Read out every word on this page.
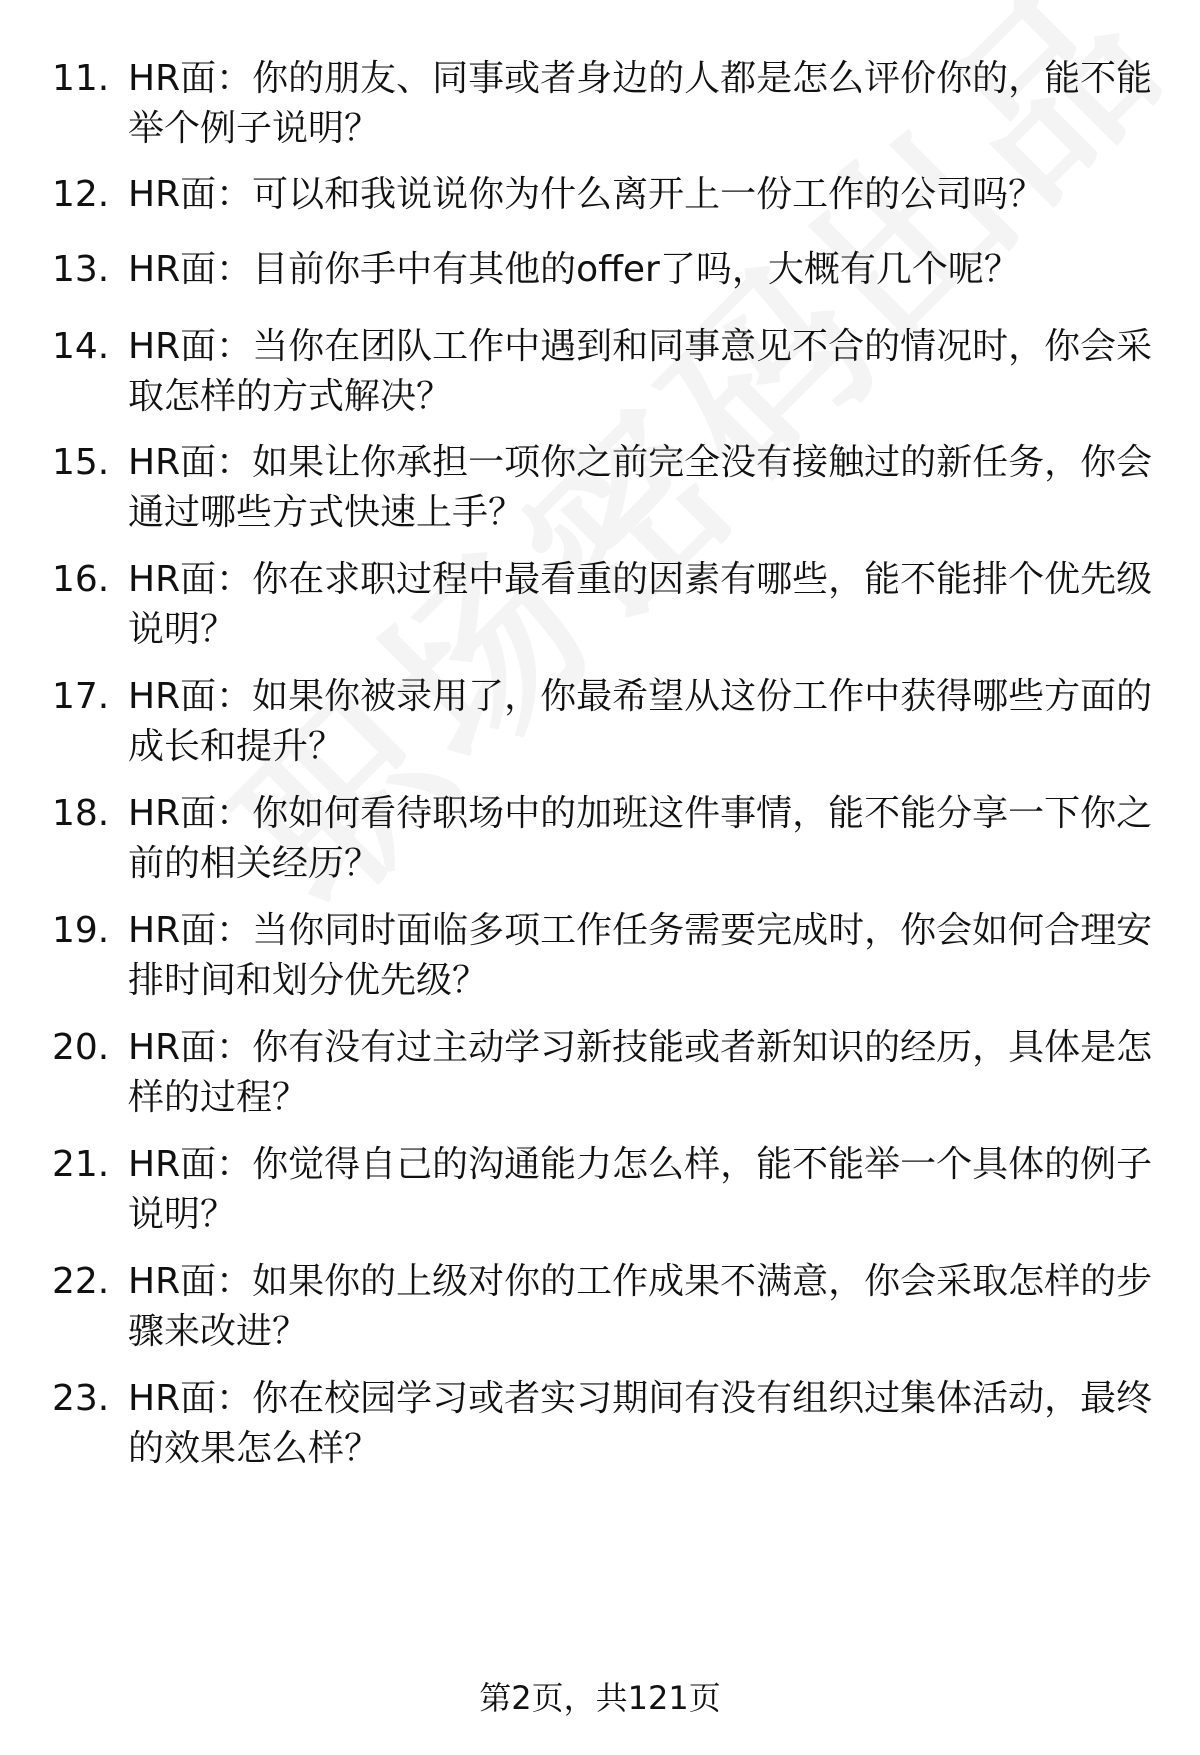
11. HR面：你的朋友、同事或者身边的人都是怎么评价你的，能不能
举个例子说明？
12. HR面：可以和我说说你为什么离开上一份工作的公司吗？
13. HR面：目前你手中有其他的offer了吗，大概有几个呢？
14. HR面：当你在团队工作中遇到和同事意见不合的情况时，你会采
取怎样的方式解决？
15. HR面：如果让你承担一项你之前完全没有接触过的新任务，你会
通过哪些方式快速上手？
16. HR面：你在求职过程中最看重的因素有哪些，能不能排个优先级
说明？
17. HR面：如果你被录用了，你最希望从这份工作中获得哪些方面的
成长和提升？
18. HR面：你如何看待职场中的加班这件事情，能不能分享一下你之
前的相关经历？
19. HR面：当你同时面临多项工作任务需要完成时，你会如何合理安
排时间和划分优先级？
20. HR面：你有没有过主动学习新技能或者新知识的经历，具体是怎
样的过程？
21. HR面：你觉得自己的沟通能力怎么样，能不能举一个具体的例子
说明？
22. HR面：如果你的上级对你的工作成果不满意，你会采取怎样的步
骤来改进？
23. HR面：你在校园学习或者实习期间有没有组织过集体活动，最终
的效果怎么样？
第2页，共121页
